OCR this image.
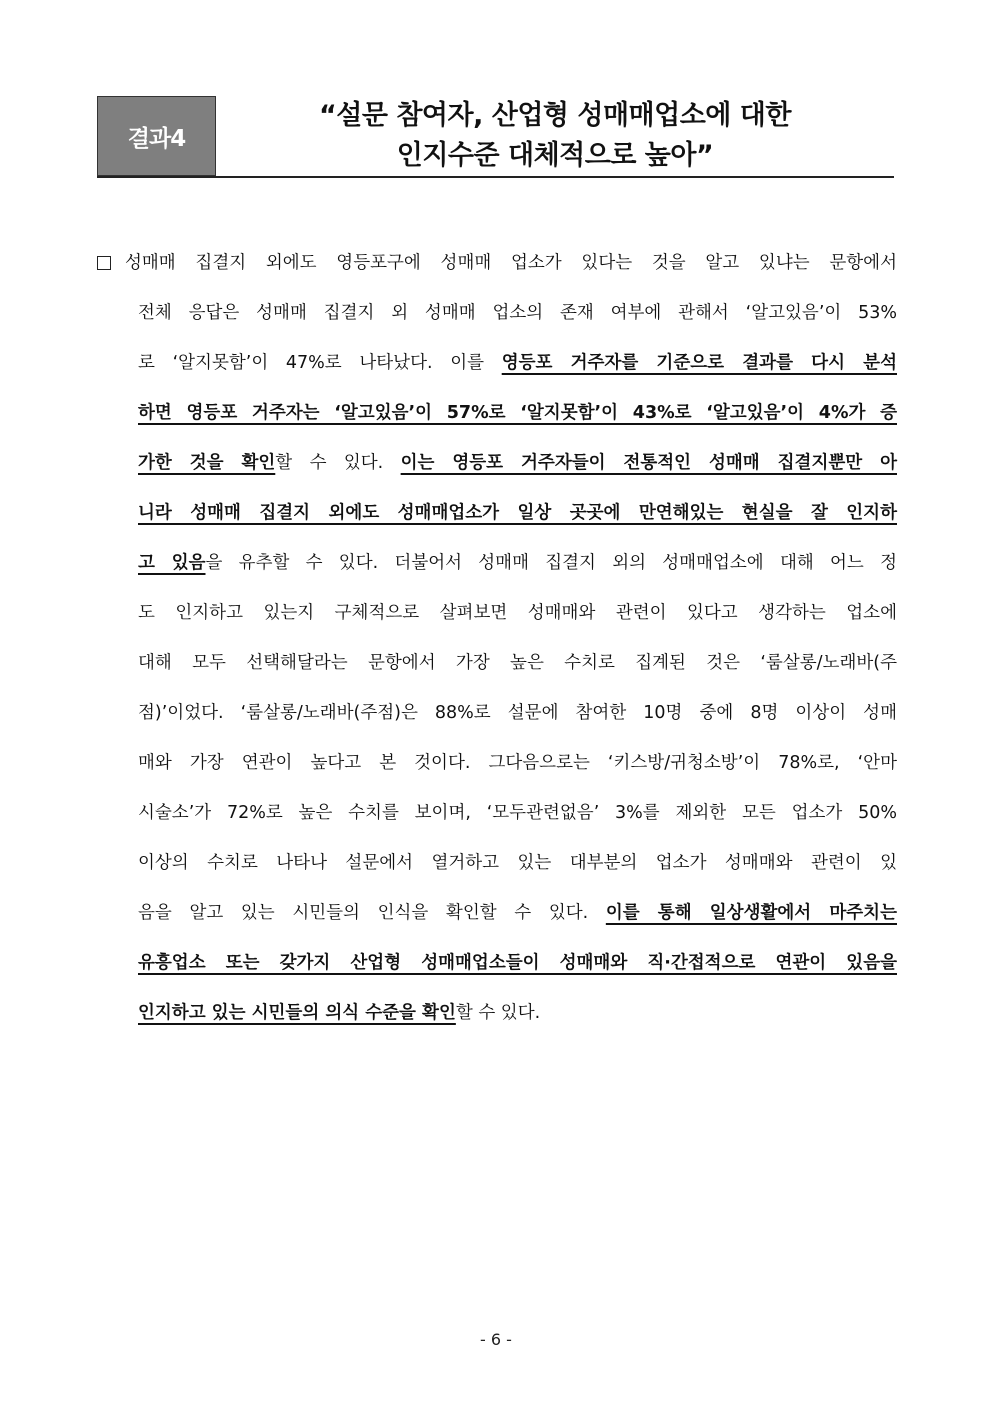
결과4
“설문 참여자, 산업형 성매매업소에 대한
인지수준 대체적으로 높아”
성매매 집결지 외에도 영등포구에 성매매 업소가 있다는 것을 알고 있냐는 문항에서
전체 응답은 성매매 집결지 외 성매매 업소의 존재 여부에 관해서 ‘알고있음’이 53%
로 ‘알지못함’이 47%로 나타났다. 이를 영등포 거주자를 기준으로 결과를 다시 분석
하면 영등포 거주자는 ‘알고있음’이 57%로 ‘알지못함’이 43%로 ‘알고있음’이 4%가 증
가한 것을 확인할 수 있다. 이는 영등포 거주자들이 전통적인 성매매 집결지뿐만 아
니라 성매매 집결지 외에도 성매매업소가 일상 곳곳에 만연해있는 현실을 잘 인지하
고 있음을 유추할 수 있다. 더불어서 성매매 집결지 외의 성매매업소에 대해 어느 정
도 인지하고 있는지 구체적으로 살펴보면 성매매와 관련이 있다고 생각하는 업소에
대해 모두 선택해달라는 문항에서 가장 높은 수치로 집계된 것은 ‘룸살롱/노래바(주
점)’이었다. ‘룸살롱/노래바(주점)은 88%로 설문에 참여한 10명 중에 8명 이상이 성매
매와 가장 연관이 높다고 본 것이다. 그다음으로는 ‘키스방/귀청소방’이 78%로, ‘안마
시술소’가 72%로 높은 수치를 보이며, ‘모두관련없음’ 3%를 제외한 모든 업소가 50%
이상의 수치로 나타나 설문에서 열거하고 있는 대부분의 업소가 성매매와 관련이 있
음을 알고 있는 시민들의 인식을 확인할 수 있다. 이를 통해 일상생활에서 마주치는
유흥업소 또는 갖가지 산업형 성매매업소들이 성매매와 직·간접적으로 연관이 있음을
인지하고 있는 시민들의 의식 수준을 확인할 수 있다.
- 6 -
